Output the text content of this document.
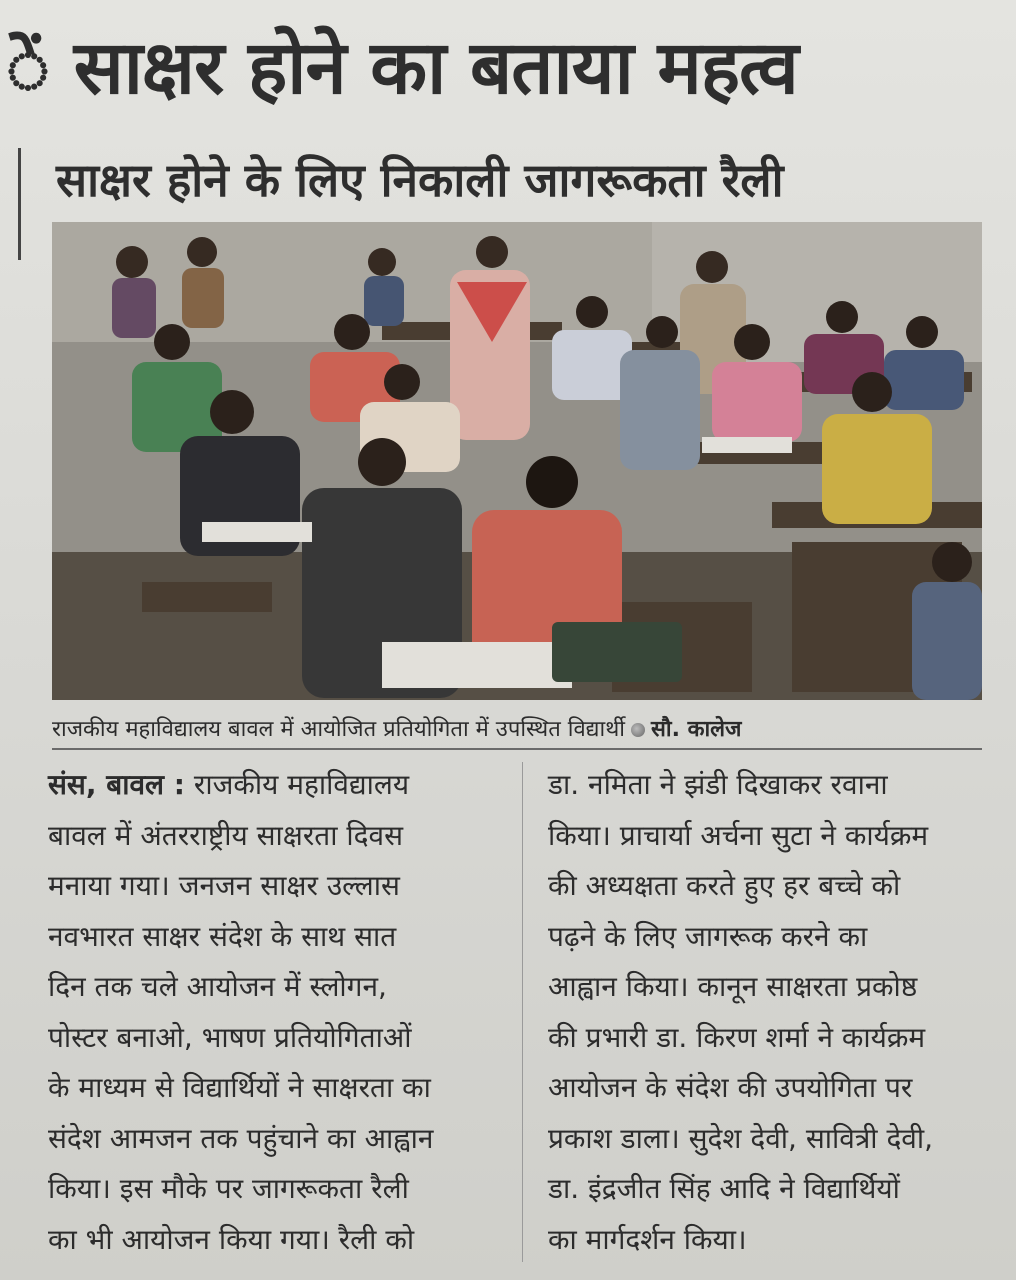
ें साक्षर होने का बताया महत्व
साक्षर होने के लिए निकाली जागरूकता रैली
राजकीय महाविद्यालय बावल में आयोजित प्रतियोगिता में उपस्थित विद्यार्थी सौ. कालेज

संस, बावल : राजकीय महाविद्यालय

बावल में अंतरराष्ट्रीय साक्षरता दिवस

मनाया गया। जनजन साक्षर उल्लास

नवभारत साक्षर संदेश के साथ सात

दिन तक चले आयोजन में स्लोगन,

पोस्टर बनाओ, भाषण प्रतियोगिताओं

के माध्यम से विद्यार्थियों ने साक्षरता का

संदेश आमजन तक पहुंचाने का आह्वान

किया। इस मौके पर जागरूकता रैली

का भी आयोजन किया गया। रैली को

डा. नमिता ने झंडी दिखाकर रवाना

किया। प्राचार्या अर्चना सुटा ने कार्यक्रम

की अध्यक्षता करते हुए हर बच्चे को

पढ़ने के लिए जागरूक करने का

आह्वान किया। कानून साक्षरता प्रकोष्ठ

की प्रभारी डा. किरण शर्मा ने कार्यक्रम

आयोजन के संदेश की उपयोगिता पर

प्रकाश डाला। सुदेश देवी, सावित्री देवी,

डा. इंद्रजीत सिंह आदि ने विद्यार्थियों

का मार्गदर्शन किया।
